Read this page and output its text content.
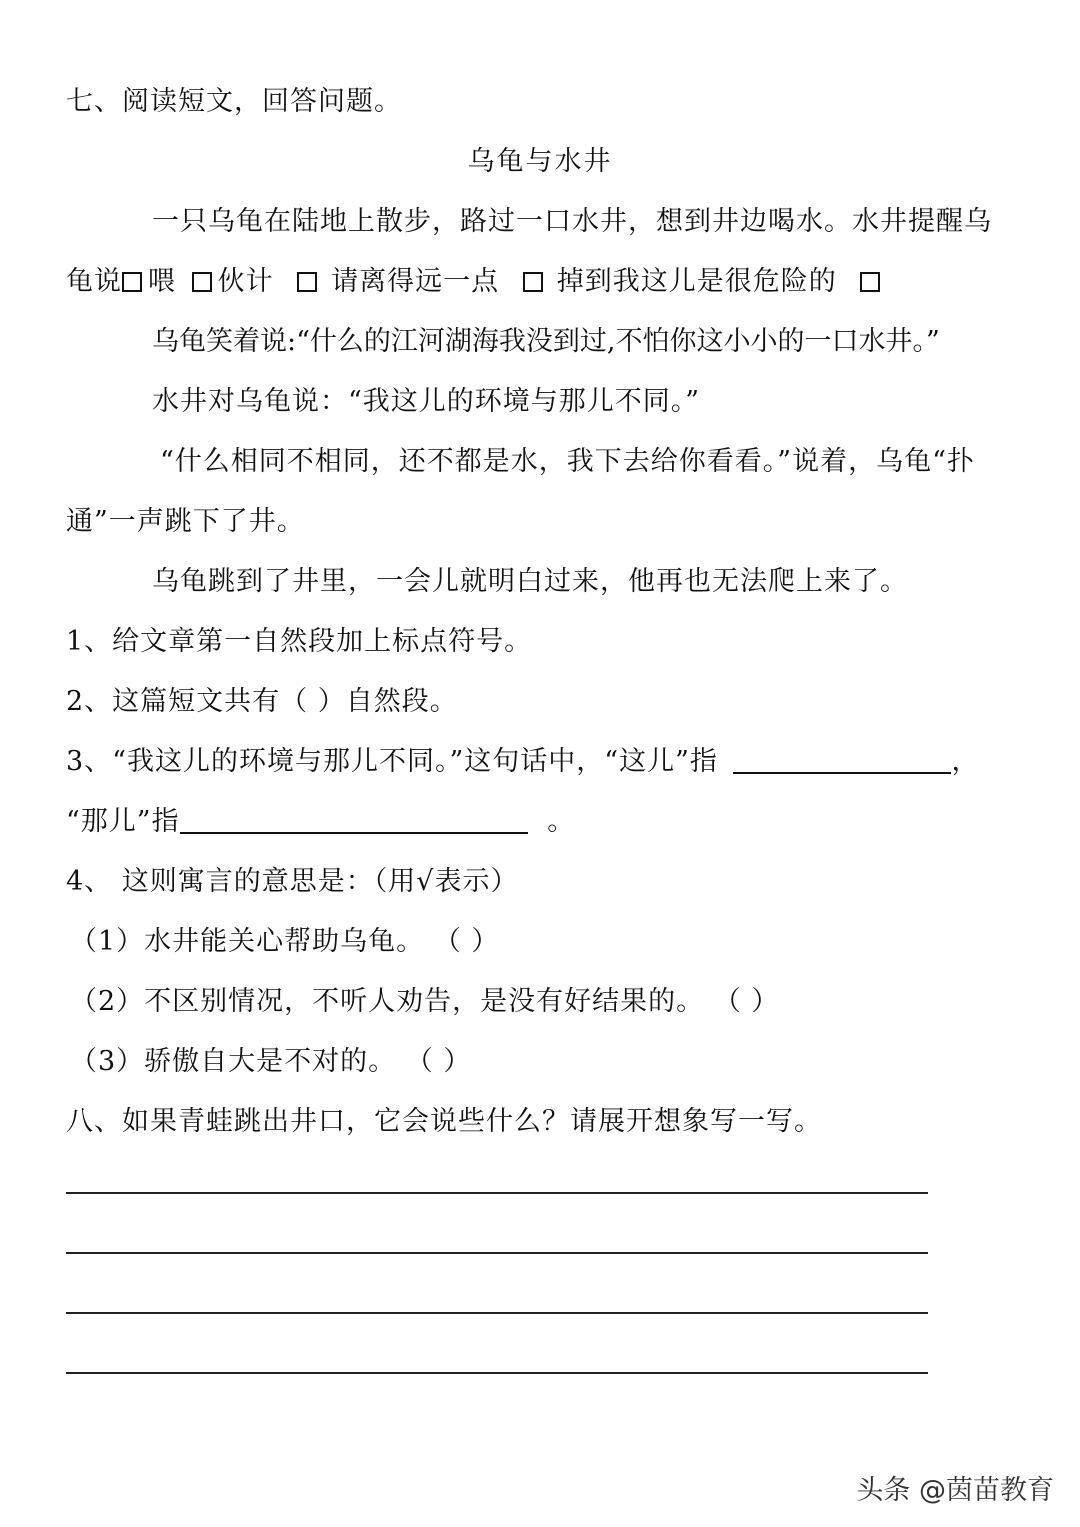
七、阅读短文，回答问题。
乌龟与水井
一只乌龟在陆地上散步，路过一口水井，想到井边喝水。水井提醒乌
龟说 喂 伙计 请离得远一点 掉到我这儿是很危险的
乌龟笑着说:“什么的江河湖海我没到过,不怕你这小小的一口水井。”
水井对乌龟说：“我这儿的环境与那儿不同。”
“什么相同不相同，还不都是水，我下去给你看看。”说着，乌龟“扑
通”一声跳下了井。
乌龟跳到了井里，一会儿就明白过来，他再也无法爬上来了。
1、给文章第一自然段加上标点符号。
2、这篇短文共有（ ）自然段。
3、“我这儿的环境与那儿不同。”这句话中，“这儿”指	，
“那儿”指	。
4、 这则寓言的意思是：（用√表示）
（1）水井能关心帮助乌龟。 （ ）
（2）不区别情况，不听人劝告，是没有好结果的。 （ ）
（3）骄傲自大是不对的。 （ ）
八、如果青蛙跳出井口，它会说些什么？请展开想象写一写。
头条 @茵苗教育
